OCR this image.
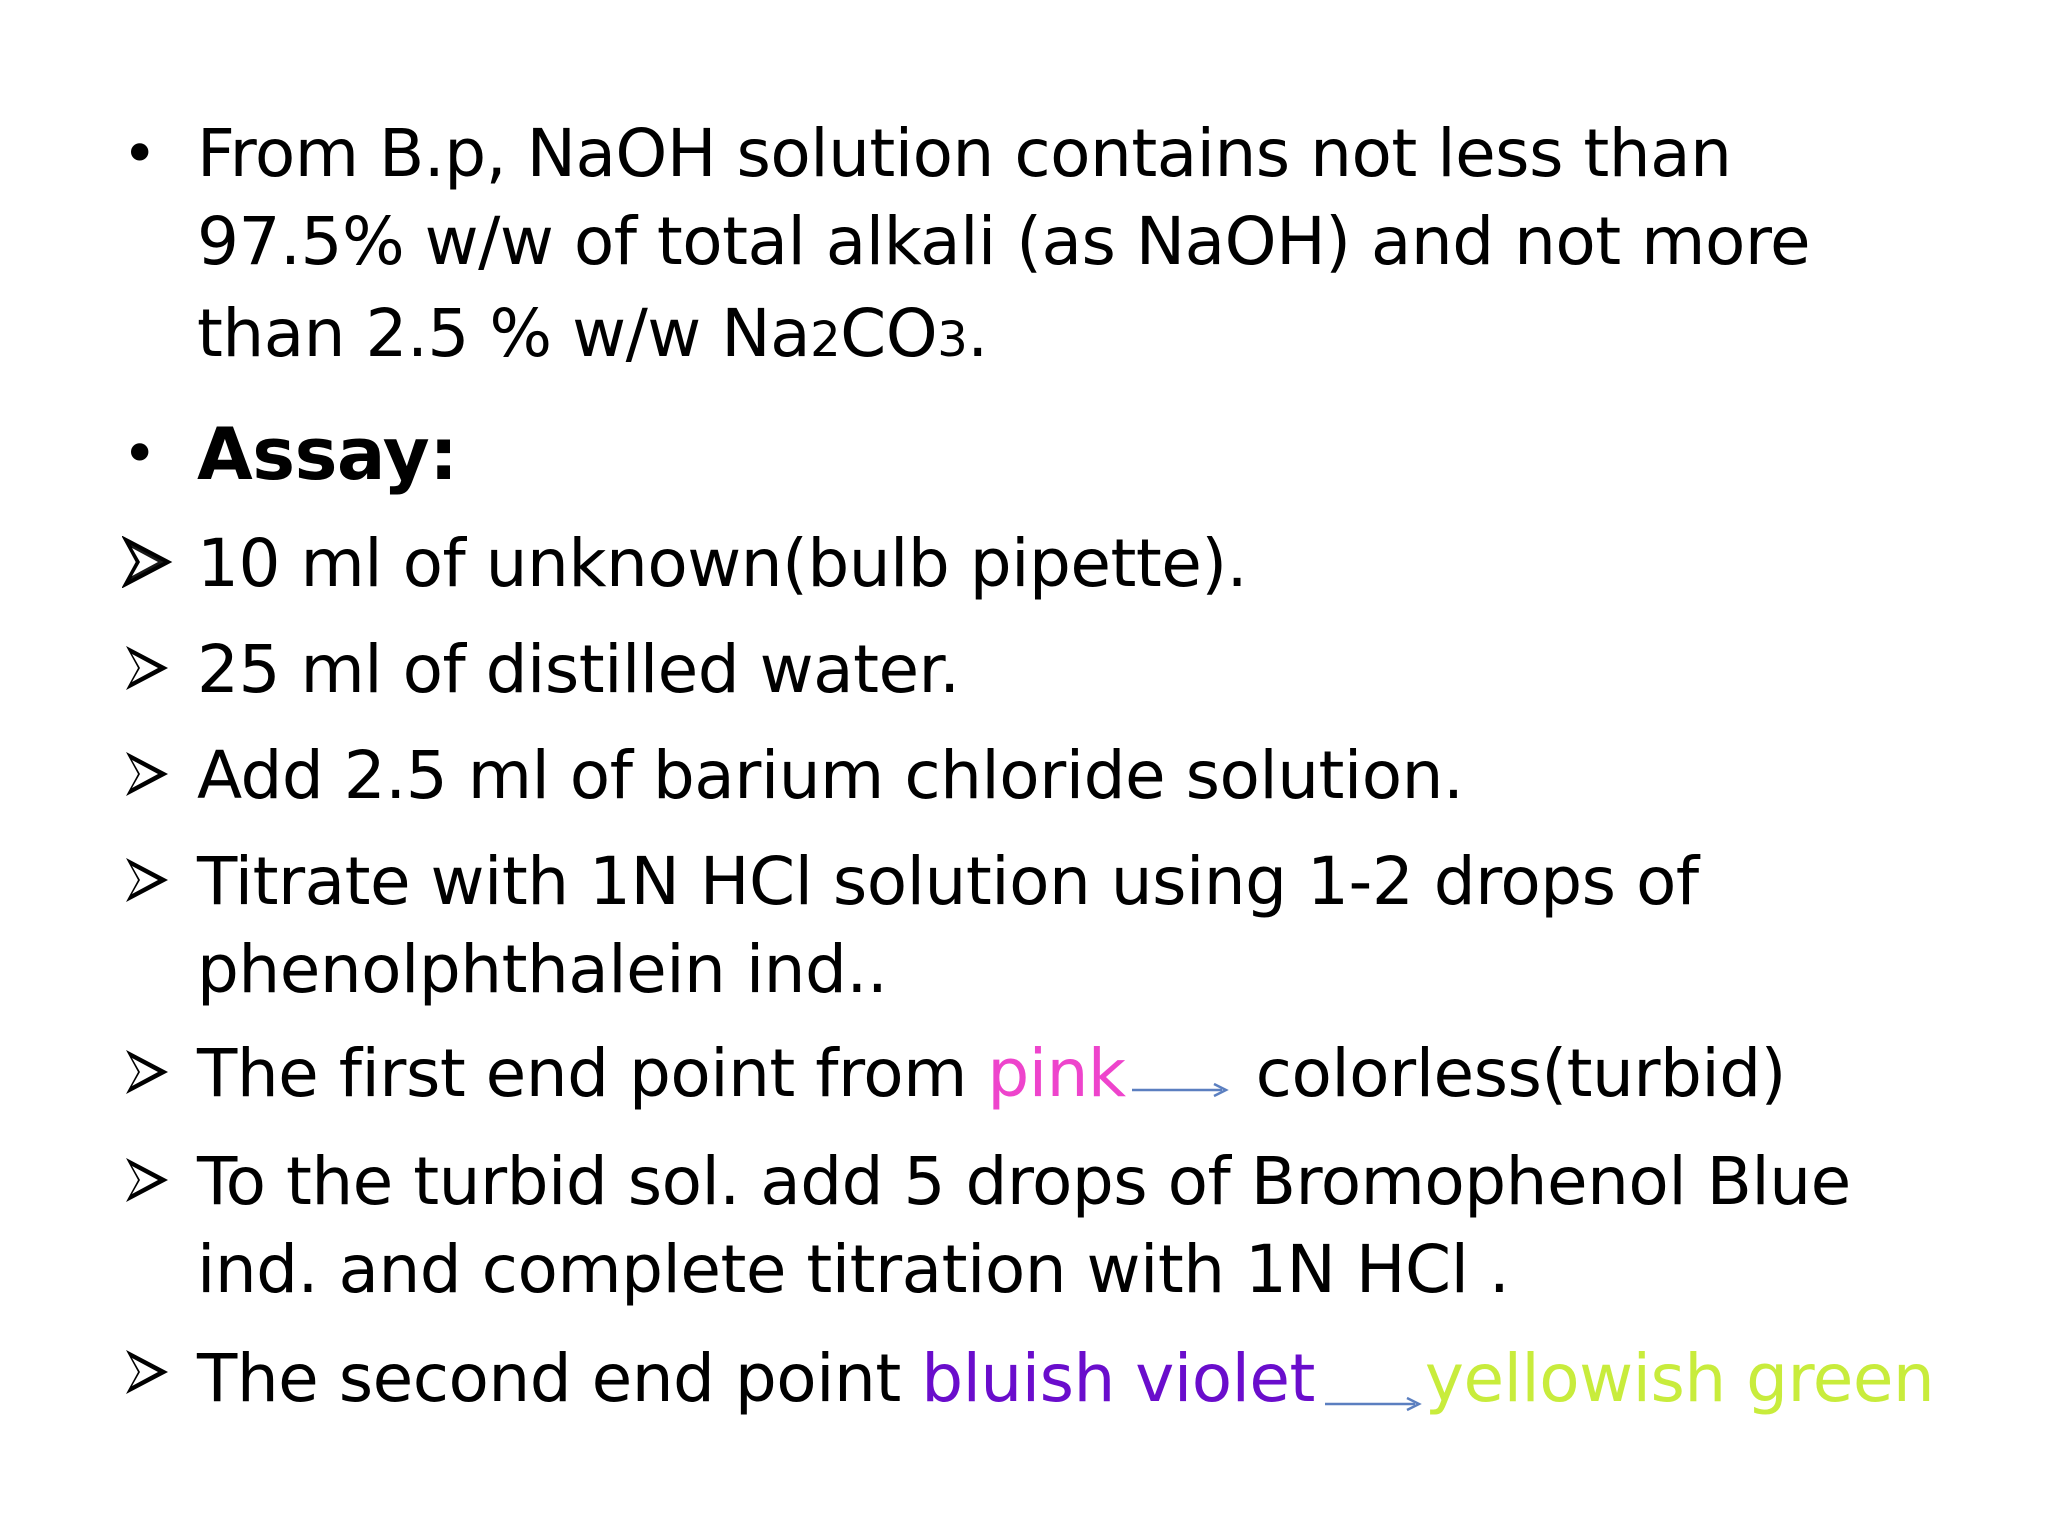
• From B.p, NaOH solution contains not less than
97.5% w/w of total alkali (as NaOH) and not more
than 2.5 % w/w Na2CO3.
• Assay:
10 ml of unknown(bulb pipette).
25 ml of distilled water.
Add 2.5 ml of barium chloride solution.
Titrate with 1N HCl solution using 1-2 drops of
phenolphthalein ind..
The first end point from pink colorless(turbid)
To the turbid sol. add 5 drops of Bromophenol Blue
ind. and complete titration with 1N HCl .
The second end point bluish violet yellowish green
